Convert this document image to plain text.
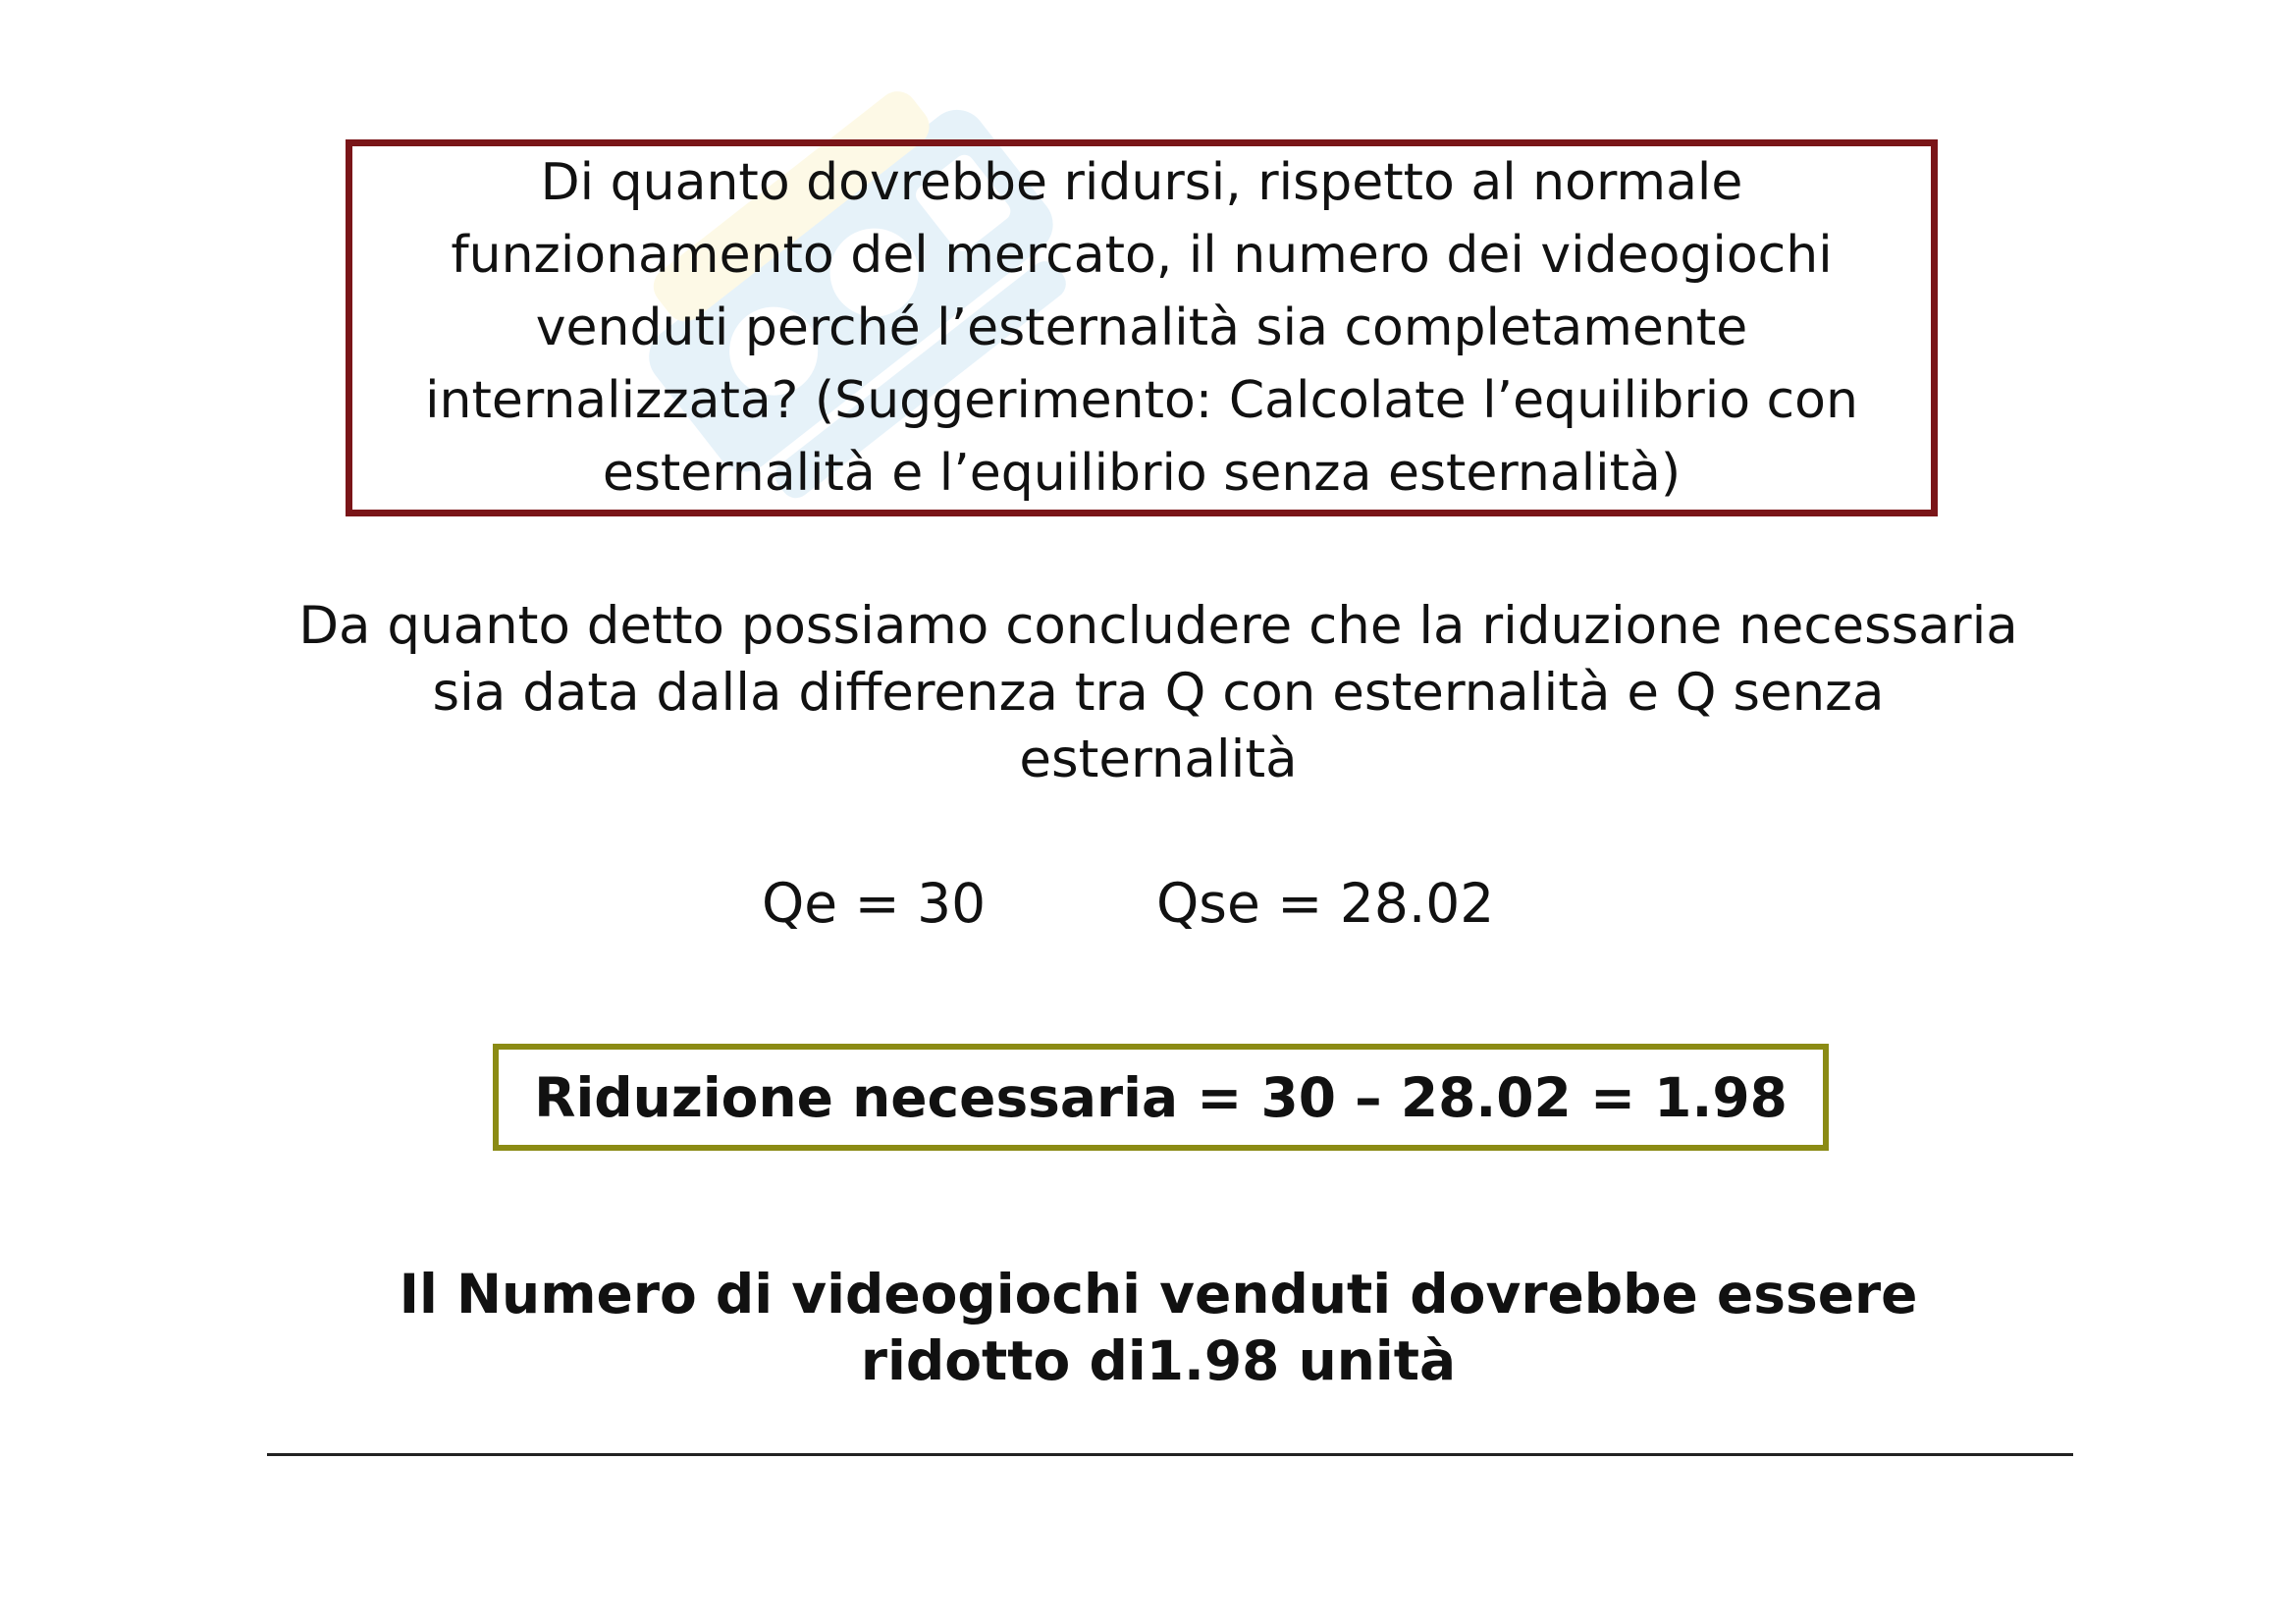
Di quanto dovrebbe ridursi, rispetto al normale funzionamento del mercato, il numero dei videogiochi venduti perché l’esternalità sia completamente internalizzata? (Suggerimento: Calcolate l’equilibrio con esternalità e l’equilibrio senza esternalità)

Da quanto detto possiamo concludere che la riduzione necessaria sia data dalla differenza tra Q con esternalità e Q senza esternalità

Qe = 30	Qse = 28.02
Riduzione necessaria = 30 – 28.02 = 1.98

Il Numero di videogiochi venduti dovrebbe essere ridotto di1.98 unità
